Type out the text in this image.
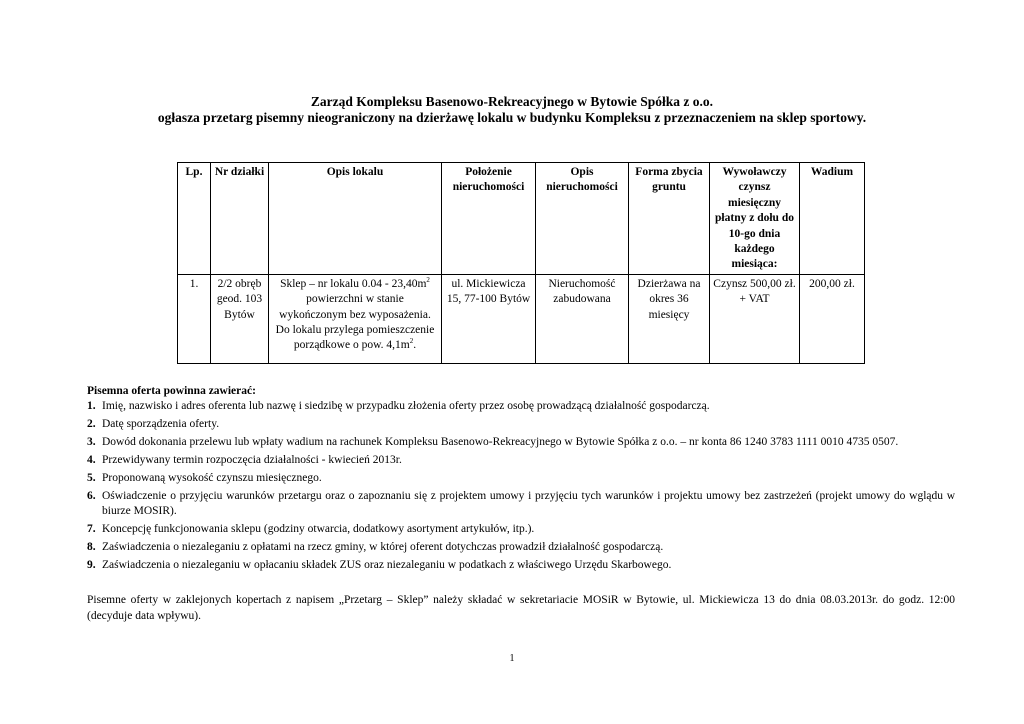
Zarząd Kompleksu Basenowo-Rekreacyjnego w Bytowie Spółka z o.o.
ogłasza przetarg pisemny nieograniczony na dzierżawę lokalu w budynku Kompleksu z przeznaczeniem na sklep sportowy.
Lp.	Nr działki	Opis lokalu	Położenie nieruchomości	Opis nieruchomości	Forma zbycia gruntu	Wywoławczy czynsz miesięczny płatny z dołu do 10-go dnia każdego miesiąca:	Wadium
1.	2/2 obręb geod. 103 Bytów	Sklep – nr lokalu $0.04 - 23,40m^2$ powierzchni w stanie wykończonym bez wyposażenia. Do lokalu przylega pomieszczenie porządkowe o pow. $4,1m^2$.	ul. Mickiewicza 15, 77-100 Bytów	Nieruchomość zabudowana	Dzierżawa na okres 36 miesięcy	Czynsz 500,00 zł. + VAT	200,00 zł.
Pisemna oferta powinna zawierać:
1. Imię, nazwisko i adres oferenta lub nazwę i siedzibę w przypadku złożenia oferty przez osobę prowadzącą działalność gospodarczą.
2. Datę sporządzenia oferty.
3. Dowód dokonania przelewu lub wpłaty wadium na rachunek Kompleksu Basenowo-Rekreacyjnego w Bytowie Spółka z o.o. – nr konta 86 1240 3783 1111 0010 4735 0507.
4. Przewidywany termin rozpoczęcia działalności - kwiecień 2013r.
5. Proponowaną wysokość czynszu miesięcznego.
6. Oświadczenie o przyjęciu warunków przetargu oraz o zapoznaniu się z projektem umowy i przyjęciu tych warunków i projektu umowy bez zastrzeżeń (projekt umowy do wglądu w biurze MOSIR).
7. Koncepcję funkcjonowania sklepu (godziny otwarcia, dodatkowy asortyment artykułów, itp.).
8. Zaświadczenia o niezaleganiu z opłatami na rzecz gminy, w której oferent dotychczas prowadził działalność gospodarczą.
9. Zaświadczenia o niezaleganiu w opłacaniu składek ZUS oraz niezaleganiu w podatkach z właściwego Urzędu Skarbowego.
Pisemne oferty w zaklejonych kopertach z napisem „Przetarg – Sklep” należy składać w sekretariacie MOSiR w Bytowie, ul. Mickiewicza 13 do dnia 08.03.2013r. do godz. 12:00 (decyduje data wpływu).
1
